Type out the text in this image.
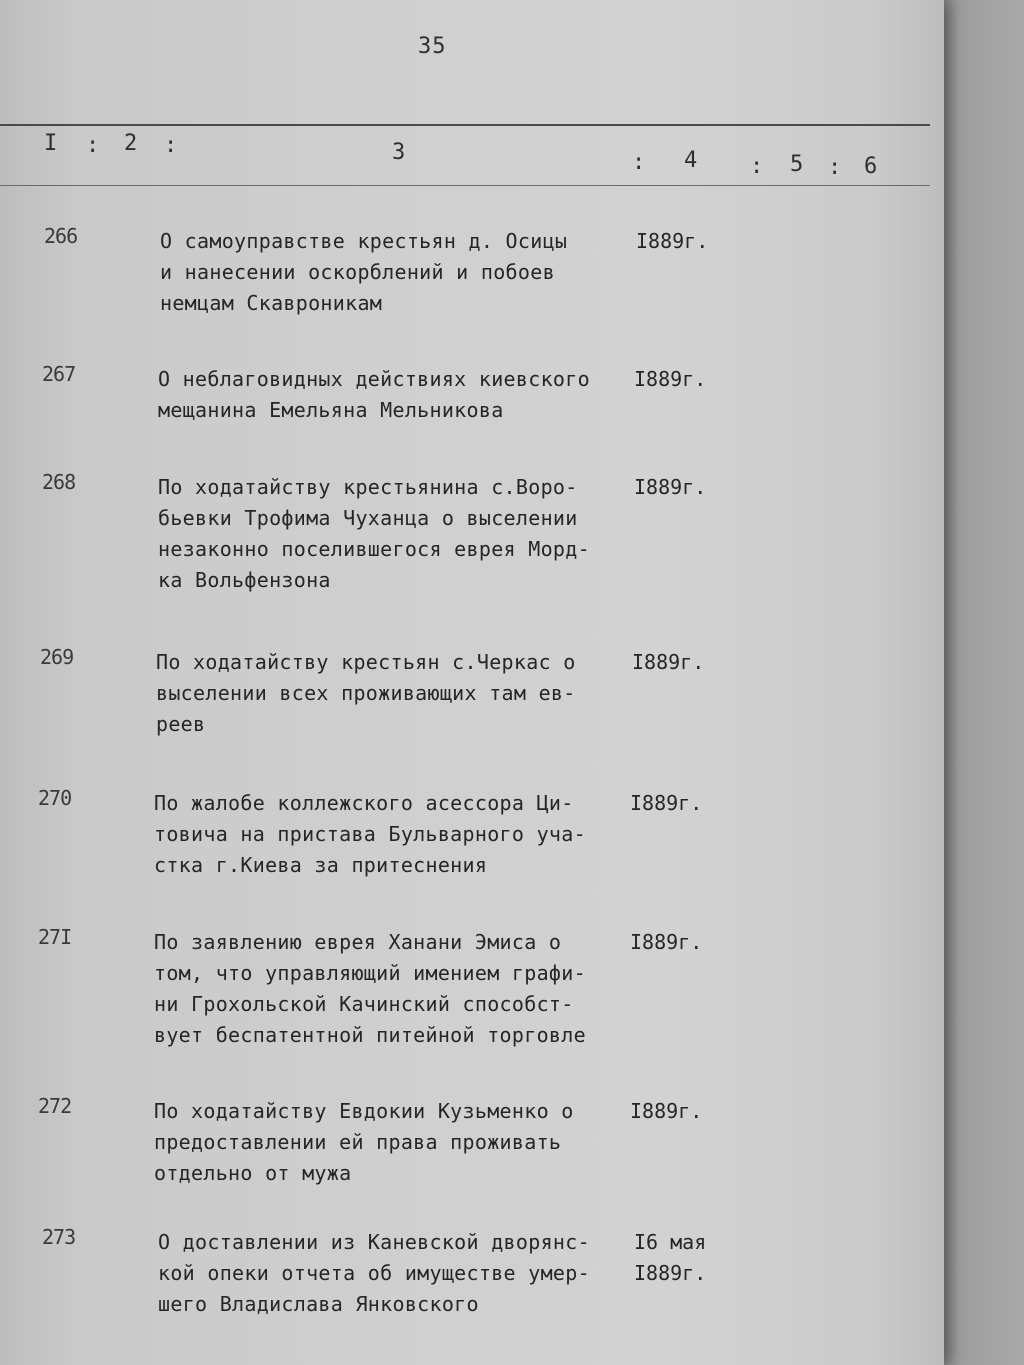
35
I : 2 :	3	: 4 : 5 : 6
266	О самоуправстве крестьян д. Осицы
и нанесении оскорблений и побоев
немцам Скавроникам
I889г.
267	О неблаговидных действиях киевского
мещанина Емельяна Мельникова
I889г.
268	По ходатайству крестьянина с.Воро-
бьевки Трофима Чуханца о выселении
незаконно поселившегося еврея Морд-
ка Вольфензона
I889г.
269	По ходатайству крестьян с.Черкас о
выселении всех проживающих там ев-
реев
I889г.
270	По жалобе коллежского асессора Ци-
товича на пристава Бульварного уча-
стка г.Киева за притеснения
I889г.
27I	По заявлению еврея Ханани Эмиса о
том, что управляющий имением графи-
ни Грохольской Качинский способст-
вует беспатентной питейной торговле
I889г.
272	По ходатайству Евдокии Кузьменко о
предоставлении ей права проживать
отдельно от мужа
I889г.
273	О доставлении из Каневской дворянс-
кой опеки отчета об имуществе умер-
шего Владислава Янковского
I6 мая
I889г.
